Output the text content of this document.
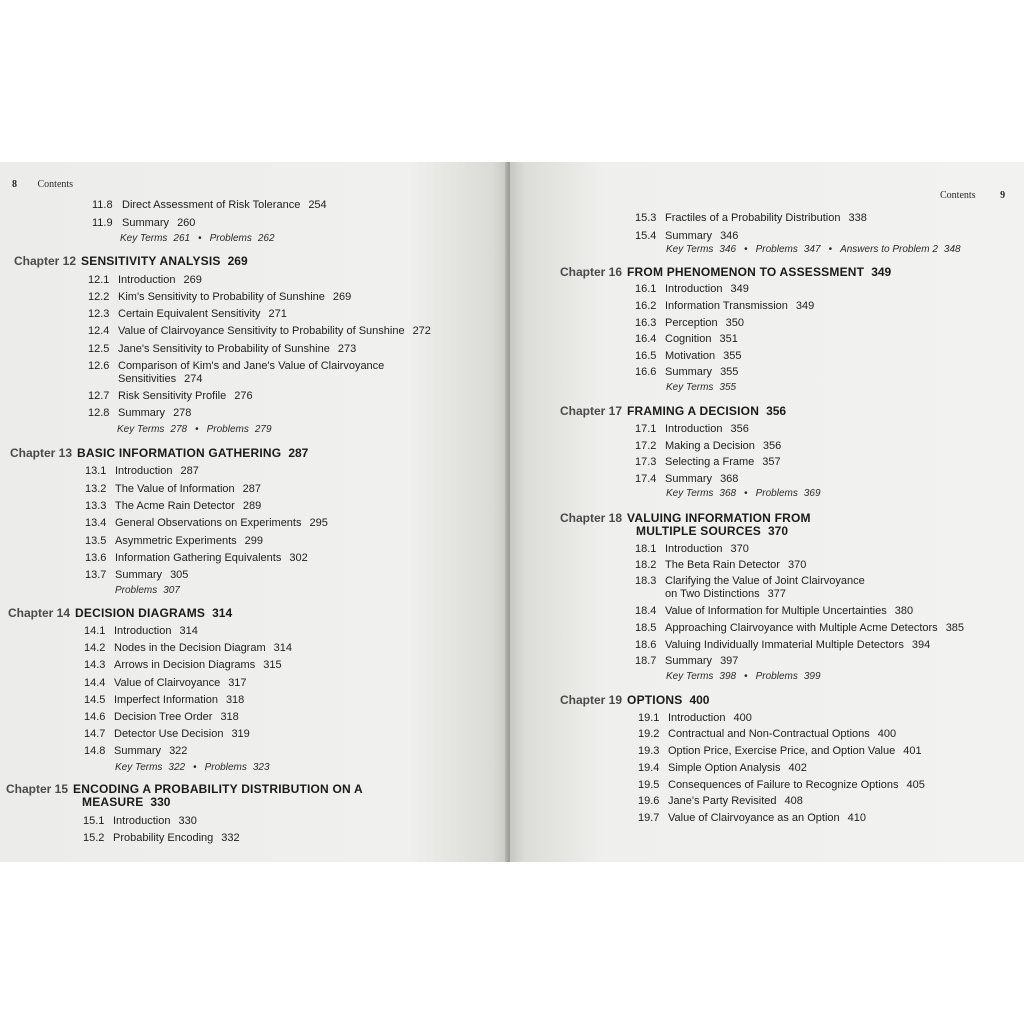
8 Contents
11.8 Direct Assessment of Risk Tolerance 254
11.9 Summary 260
Key Terms 261 • Problems 262
Chapter 12 SENSITIVITY ANALYSIS 269
12.1 Introduction 269
12.2 Kim's Sensitivity to Probability of Sunshine 269
12.3 Certain Equivalent Sensitivity 271
12.4 Value of Clairvoyance Sensitivity to Probability of Sunshine 272
12.5 Jane's Sensitivity to Probability of Sunshine 273
12.6 Comparison of Kim's and Jane's Value of Clairvoyance
Sensitivities 274
12.7 Risk Sensitivity Profile 276
12.8 Summary 278
Key Terms 278 • Problems 279
Chapter 13 BASIC INFORMATION GATHERING 287
13.1 Introduction 287
13.2 The Value of Information 287
13.3 The Acme Rain Detector 289
13.4 General Observations on Experiments 295
13.5 Asymmetric Experiments 299
13.6 Information Gathering Equivalents 302
13.7 Summary 305
Problems 307
Chapter 14 DECISION DIAGRAMS 314
14.1 Introduction 314
14.2 Nodes in the Decision Diagram 314
14.3 Arrows in Decision Diagrams 315
14.4 Value of Clairvoyance 317
14.5 Imperfect Information 318
14.6 Decision Tree Order 318
14.7 Detector Use Decision 319
14.8 Summary 322
Key Terms 322 • Problems 323
Chapter 15 ENCODING A PROBABILITY DISTRIBUTION ON A
MEASURE 330
15.1 Introduction 330
15.2 Probability Encoding 332
Contents 9
15.3 Fractiles of a Probability Distribution 338
15.4 Summary 346
Key Terms 346 • Problems 347 • Answers to Problem 2 348
Chapter 16 FROM PHENOMENON TO ASSESSMENT 349
16.1 Introduction 349
16.2 Information Transmission 349
16.3 Perception 350
16.4 Cognition 351
16.5 Motivation 355
16.6 Summary 355
Key Terms 355
Chapter 17 FRAMING A DECISION 356
17.1 Introduction 356
17.2 Making a Decision 356
17.3 Selecting a Frame 357
17.4 Summary 368
Key Terms 368 • Problems 369
Chapter 18 VALUING INFORMATION FROM
MULTIPLE SOURCES 370
18.1 Introduction 370
18.2 The Beta Rain Detector 370
18.3 Clarifying the Value of Joint Clairvoyance
on Two Distinctions 377
18.4 Value of Information for Multiple Uncertainties 380
18.5 Approaching Clairvoyance with Multiple Acme Detectors 385
18.6 Valuing Individually Immaterial Multiple Detectors 394
18.7 Summary 397
Key Terms 398 • Problems 399
Chapter 19 OPTIONS 400
19.1 Introduction 400
19.2 Contractual and Non-Contractual Options 400
19.3 Option Price, Exercise Price, and Option Value 401
19.4 Simple Option Analysis 402
19.5 Consequences of Failure to Recognize Options 405
19.6 Jane's Party Revisited 408
19.7 Value of Clairvoyance as an Option 410
